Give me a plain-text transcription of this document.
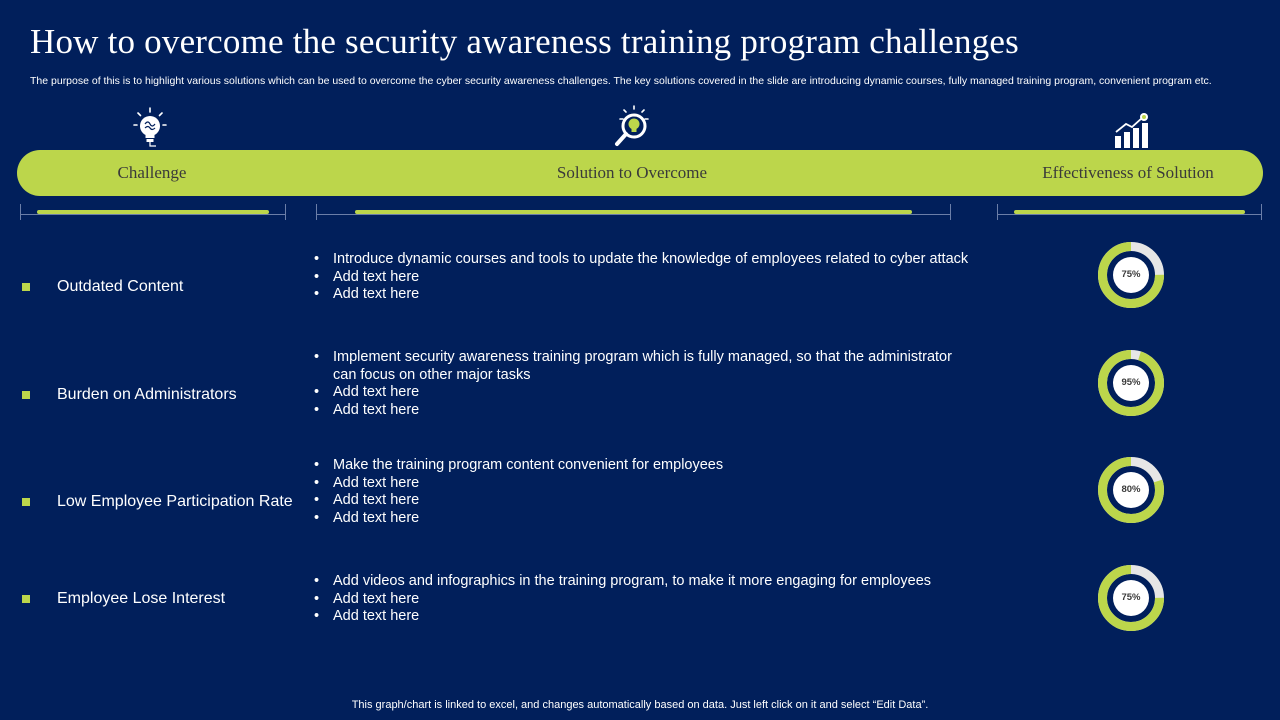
How to overcome the security awareness training program challenges
The purpose of this is to highlight various solutions which can be used to overcome the cyber security awareness challenges. The key solutions covered in the slide are introducing dynamic courses, fully managed training program, convenient program etc.
Challenge	Solution to Overcome	Effectiveness of Solution
Outdated Content
• Introduce dynamic courses and tools to update the knowledge of employees related to cyber attack
• Add text here
• Add text here
75%
Burden on Administrators
• Implement security awareness training program which is fully managed, so that the administrator can focus on other major tasks
• Add text here
• Add text here
95%
Low Employee Participation Rate
• Make the training program content convenient for employees
• Add text here
• Add text here
• Add text here
80%
Employee Lose Interest
• Add videos and infographics in the training program, to make it more engaging for employees
• Add text here
• Add text here
75%
This graph/chart is linked to excel, and changes automatically based on data. Just left click on it and select “Edit Data”.
